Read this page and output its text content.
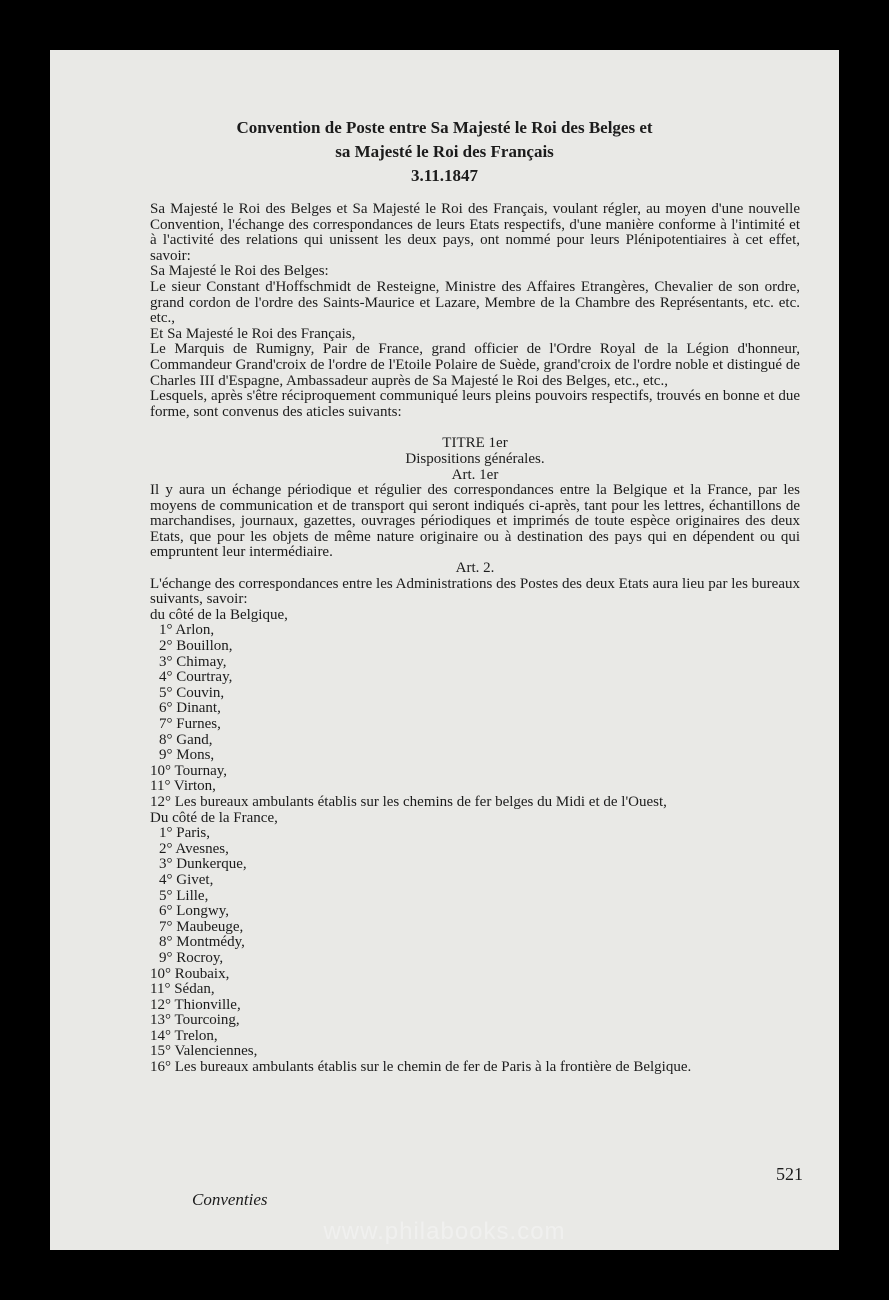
Convention de Poste entre Sa Majesté le Roi des Belges et
sa Majesté le Roi des Français
3.11.1847

Sa Majesté le Roi des Belges et Sa Majesté le Roi des Français, voulant régler, au moyen d'une nouvelle Convention, l'échange des correspondances de leurs Etats respectifs, d'une manière conforme à l'intimité et à l'activité des relations qui unissent les deux pays, ont nommé pour leurs Plénipotentiaires à cet effet, savoir:

Sa Majesté le Roi des Belges:

Le sieur Constant d'Hoffschmidt de Resteigne, Ministre des Affaires Etrangères, Chevalier de son ordre, grand cordon de l'ordre des Saints-Maurice et Lazare, Membre de la Chambre des Représentants, etc. etc. etc.,

Et Sa Majesté le Roi des Français,

Le Marquis de Rumigny, Pair de France, grand officier de l'Ordre Royal de la Légion d'honneur, Commandeur Grand'croix de l'ordre de l'Etoile Polaire de Suède, grand'croix de l'ordre noble et distingué de Charles III d'Espagne, Ambassadeur auprès de Sa Majesté le Roi des Belges, etc., etc.,

Lesquels, après s'être réciproquement communiqué leurs pleins pouvoirs respectifs, trouvés en bonne et due forme, sont convenus des aticles suivants:

TITRE 1er

Dispositions générales.

Art. 1er

Il y aura un échange périodique et régulier des correspondances entre la Belgique et la France, par les moyens de communication et de transport qui seront indiqués ci-après, tant pour les lettres, échantillons de marchandises, journaux, gazettes, ouvrages périodiques et imprimés de toute espèce originaires des deux Etats, que pour les objets de même nature originaire ou à destination des pays qui en dépendent ou qui empruntent leur intermédiaire.

Art. 2.

L'échange des correspondances entre les Administrations des Postes des deux Etats aura lieu par les bureaux suivants, savoir:

du côté de la Belgique,

1° Arlon,
2° Bouillon,
3° Chimay,
4° Courtray,
5° Couvin,
6° Dinant,
7° Furnes,
8° Gand,
9° Mons,
10° Tournay,
11° Virton,
12° Les bureaux ambulants établis sur les chemins de fer belges du Midi et de l'Ouest,

Du côté de la France,

1° Paris,
2° Avesnes,
3° Dunkerque,
4° Givet,
5° Lille,
6° Longwy,
7° Maubeuge,
8° Montmédy,
9° Rocroy,
10° Roubaix,
11° Sédan,
12° Thionville,
13° Tourcoing,
14° Trelon,
15° Valenciennes,
16° Les bureaux ambulants établis sur le chemin de fer de Paris à la frontière de Belgique.
521
Conventies
www.philabooks.com
